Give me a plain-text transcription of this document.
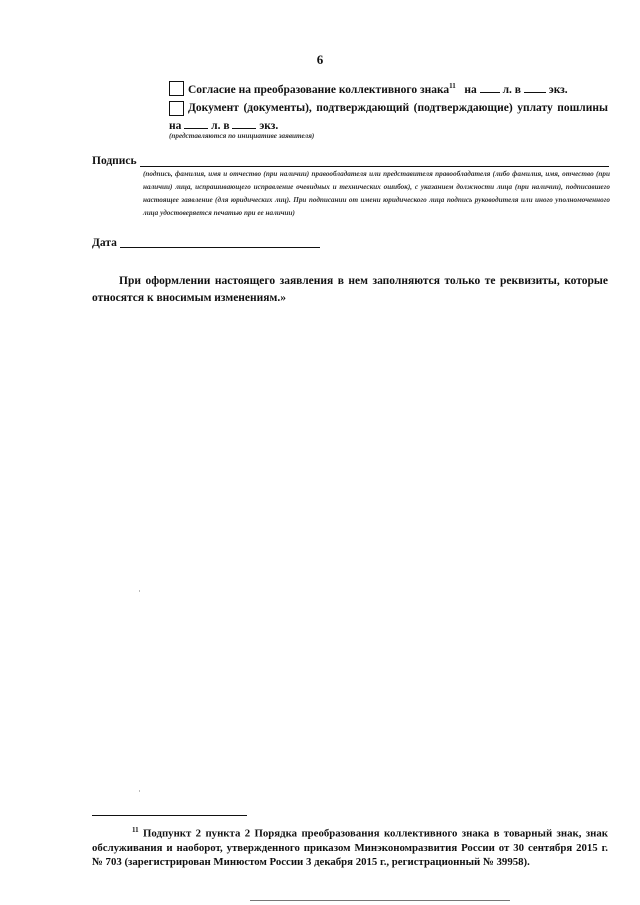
6
Согласие на преобразование коллективного знака$^{11}$ на л. в экз.
Документ (документы), подтверждающий (подтверждающие) уплату пошлины
на	л. в	экз.
(представляются по инициативе заявителя)
Подпись
(подпись, фамилия, имя и отчество (при наличии) правообладателя или представителя правообладателя (либо фамилия, имя, отчество (при наличии) лица, испрашивающего исправление очевидных и технических ошибок), с указанием должности лица (при наличии), подписавшего настоящее заявление (для юридических лиц). При подписании от имени юридического лица подпись руководителя или иного уполномоченного лица удостоверяется печатью при ее наличии)
Дата
При оформлении настоящего заявления в нем заполняются только те реквизиты, которые относятся к вносимым изменениям.»
$^{11}$ Подпункт 2 пункта 2 Порядка преобразования коллективного знака в товарный знак, знак обслуживания и наоборот, утвержденного приказом Минэкономразвития России от 30 сентября 2015 г. № 703 (зарегистрирован Минюстом России 3 декабря 2015 г., регистрационный № 39958).
